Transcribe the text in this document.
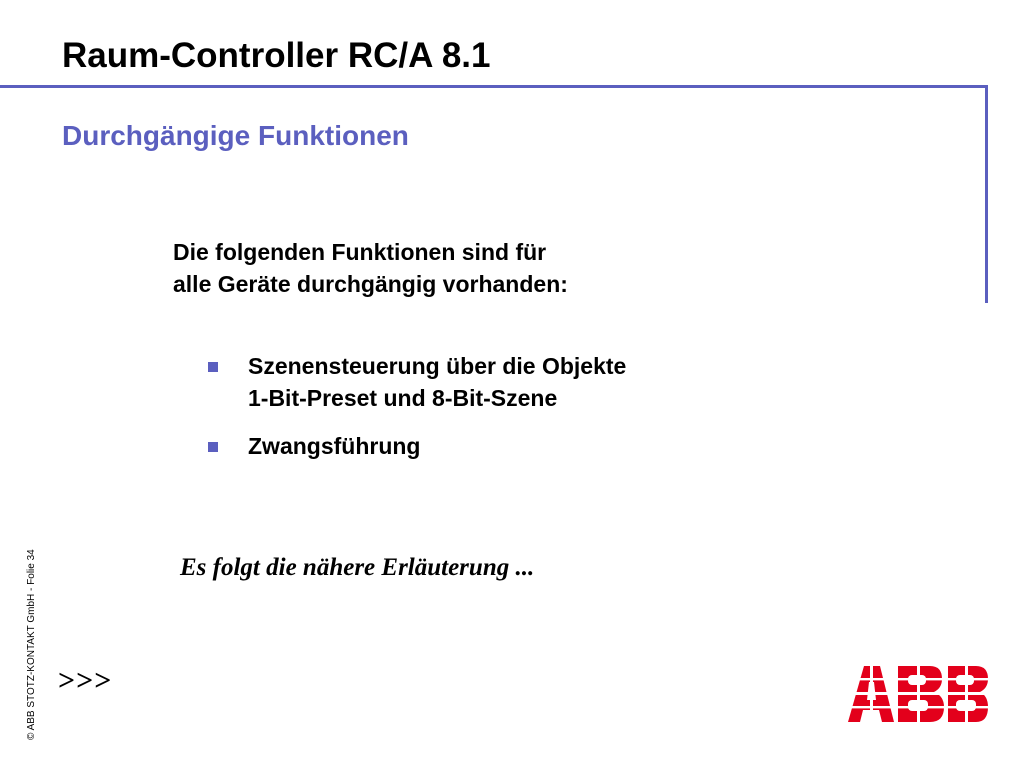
Raum-Controller RC/A 8.1
Durchgängige Funktionen
Die folgenden Funktionen sind für
alle Geräte durchgängig vorhanden:
Szenensteuerung über die Objekte
1-Bit-Preset und 8-Bit-Szene
Zwangsführung
Es folgt die nähere Erläuterung ...
>>>
© ABB STOTZ-KONTAKT GmbH - Folie 34
